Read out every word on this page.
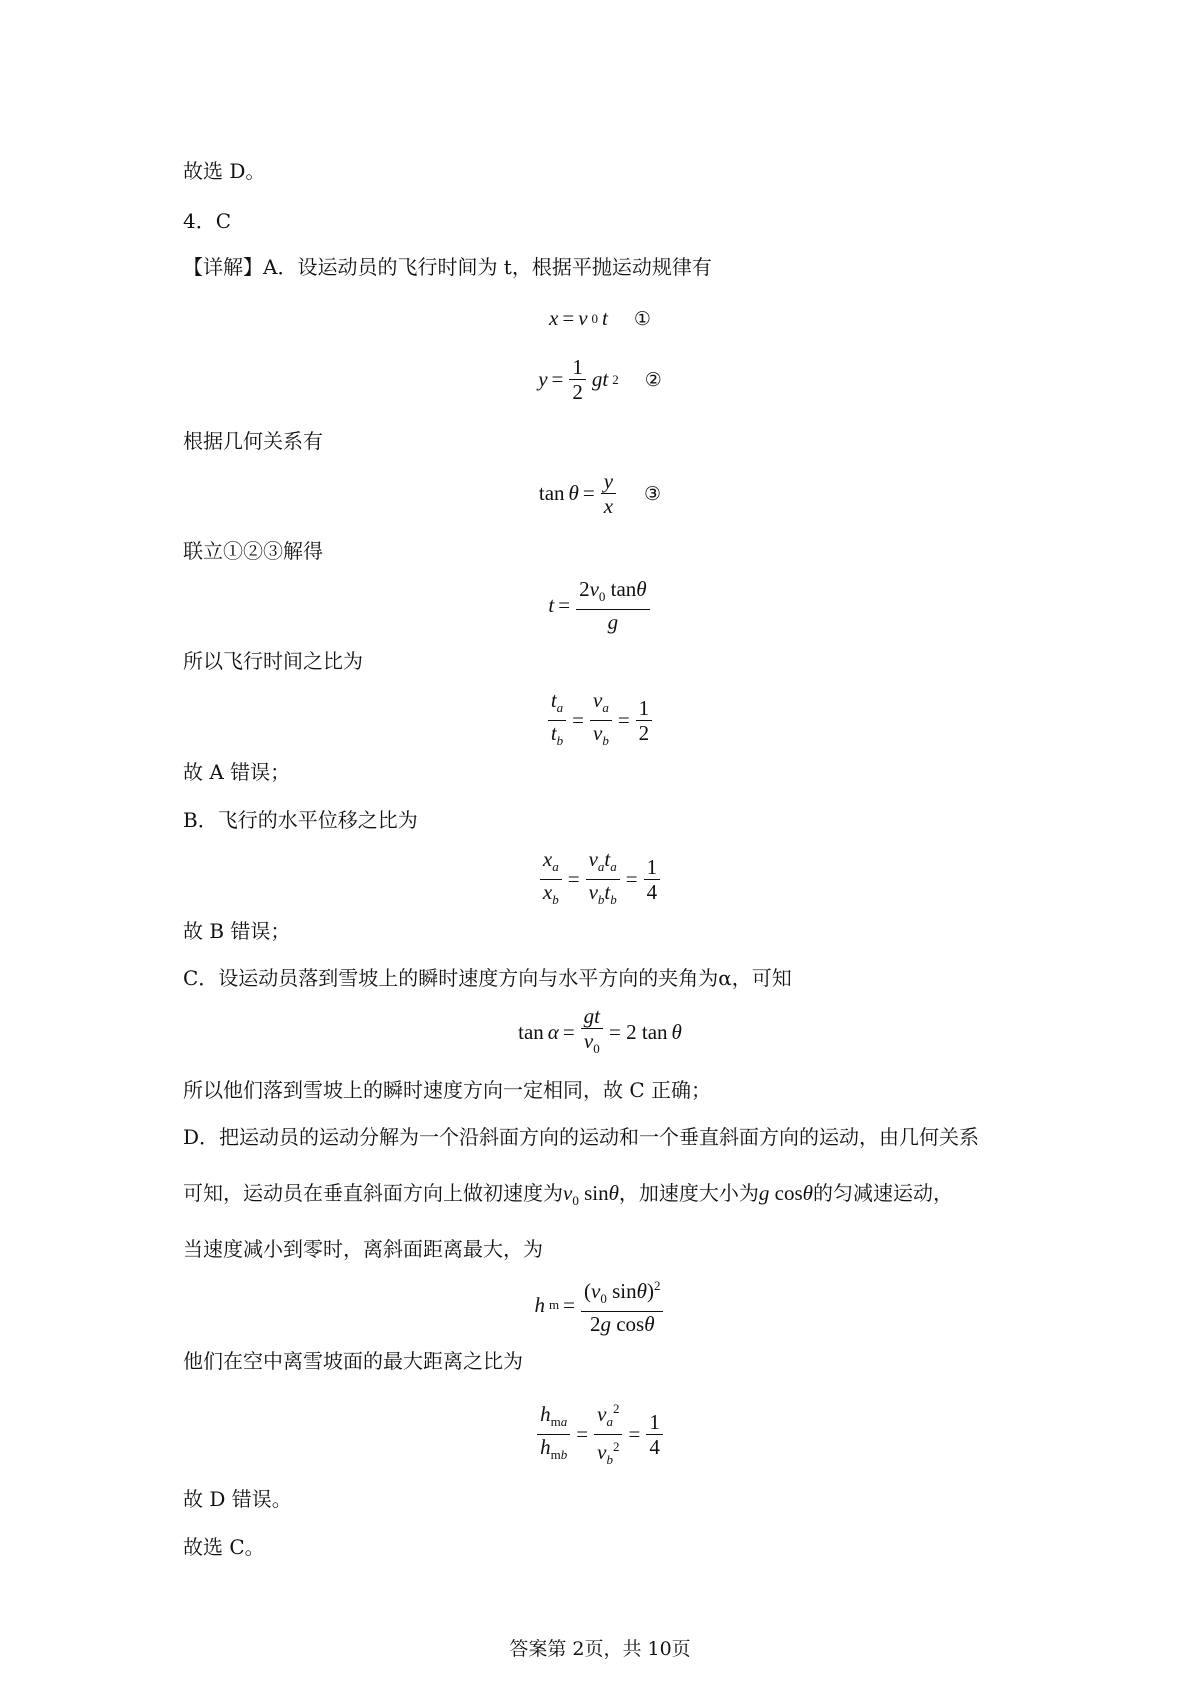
故选 D。
4．C
【详解】A．设运动员的飞行时间为 t，根据平抛运动规律有
x = v 0 t ①
$y = \frac{1}{2}$ gt 2 ②
根据几何关系有
$\tan \theta = \frac{y}{x}$ ③
联立①②③解得
$t = \frac{2v_0 \tan\theta}{g}$
所以飞行时间之比为
$\frac{t_a}{t_b} = \frac{v_a}{v_b} = \frac{1}{2}$
故 A 错误；
B．飞行的水平位移之比为
$\frac{x_a}{x_b} = \frac{v_at_a}{v_bt_b} = \frac{1}{4}$
故 B 错误；
C．设运动员落到雪坡上的瞬时速度方向与水平方向的夹角为α，可知
$\tan \alpha = \frac{gt}{v_0} = 2$ tan θ
所以他们落到雪坡上的瞬时速度方向一定相同，故 C 正确；
D．把运动员的运动分解为一个沿斜面方向的运动和一个垂直斜面方向的运动，由几何关系
可知，运动员在垂直斜面方向上做初速度为$v_0$ sinθ，加速度大小为g cosθ的匀减速运动，
当速度减小到零时，离斜面距离最大，为
h $m = \frac{(v_0 \sin\theta)^2}{\text{2g cosθ}}$
他们在空中离雪坡面的最大距离之比为
$\frac{h_{ma}}{h_{mb}} = \frac{v_a^2}{v_b^2} = \frac{1}{4}$
故 D 错误。
故选 C。
答案第 2页，共 10页
